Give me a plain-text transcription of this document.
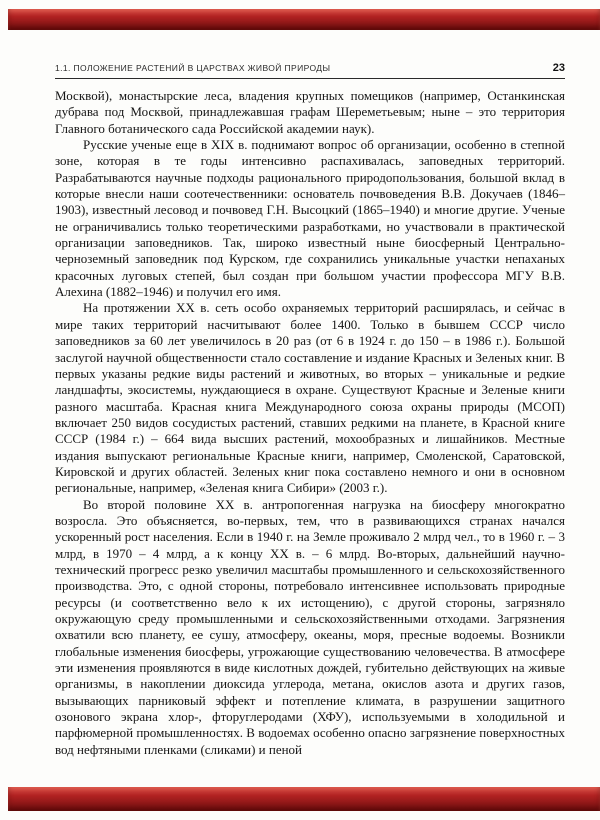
1.1. ПОЛОЖЕНИЕ РАСТЕНИЙ В ЦАРСТВАХ ЖИВОЙ ПРИРОДЫ	23

Москвой), монастырские леса, владения крупных помещиков (например, Останкинская дубрава под Москвой, принадлежавшая графам Шереметьевым; ныне – это территория Главного ботанического сада Российской академии наук).

Русские ученые еще в XIX в. поднимают вопрос об организации, особенно в степной зоне, которая в те годы интенсивно распахивалась, заповедных территорий. Разрабатываются научные подходы рационального природопользования, большой вклад в которые внесли наши соотечественники: основатель почвоведения В.В. Докучаев (1846–1903), известный лесовод и почвовед Г.Н. Высоцкий (1865–1940) и многие другие. Ученые не ограничивались только теоретическими разработками, но участвовали в практической организации заповедников. Так, широко известный ныне биосферный Центрально-черноземный заповедник под Курском, где сохранились уникальные участки непаханых красочных луговых степей, был создан при большом участии профессора МГУ В.В. Алехина (1882–1946) и получил его имя.

На протяжении ХХ в. сеть особо охраняемых территорий расширялась, и сейчас в мире таких территорий насчитывают более 1400. Только в бывшем СССР число заповедников за 60 лет увеличилось в 20 раз (от 6 в 1924 г. до 150 – в 1986 г.). Большой заслугой научной общественности стало составление и издание Красных и Зеленых книг. В первых указаны редкие виды растений и животных, во вторых – уникальные и редкие ландшафты, экосистемы, нуждающиеся в охране. Существуют Красные и Зеленые книги разного масштаба. Красная книга Международного союза охраны природы (МСОП) включает 250 видов сосудистых растений, ставших редкими на планете, в Красной книге СССР (1984 г.) – 664 вида высших растений, мохообразных и лишайников. Местные издания выпускают региональные Красные книги, например, Смоленской, Саратовской, Кировской и других областей. Зеленых книг пока составлено немного и они в основном региональные, например, «Зеленая книга Сибири» (2003 г.).

Во второй половине ХХ в. антропогенная нагрузка на биосферу многократно возросла. Это объясняется, во-первых, тем, что в развивающихся странах начался ускоренный рост населения. Если в 1940 г. на Земле проживало 2 млрд чел., то в 1960 г. – 3 млрд, в 1970 – 4 млрд, а к концу ХХ в. – 6 млрд. Во-вторых, дальнейший научно-технический прогресс резко увеличил масштабы промышленного и сельскохозяйственного производства. Это, с одной стороны, потребовало интенсивнее использовать природные ресурсы (и соответственно вело к их истощению), с другой стороны, загрязняло окружающую среду промышленными и сельскохозяйственными отходами. Загрязнения охватили всю планету, ее сушу, атмосферу, океаны, моря, пресные водоемы. Возникли глобальные изменения биосферы, угрожающие существованию человечества. В атмосфере эти изменения проявляются в виде кислотных дождей, губительно действующих на живые организмы, в накоплении диоксида углерода, метана, окислов азота и других газов, вызывающих парниковый эффект и потепление климата, в разрушении защитного озонового экрана хлор-, фторуглеродами (ХФУ), используемыми в холодильной и парфюмерной промышленностях. В водоемах особенно опасно загрязнение поверхностных вод нефтяными пленками (сликами) и пеной
